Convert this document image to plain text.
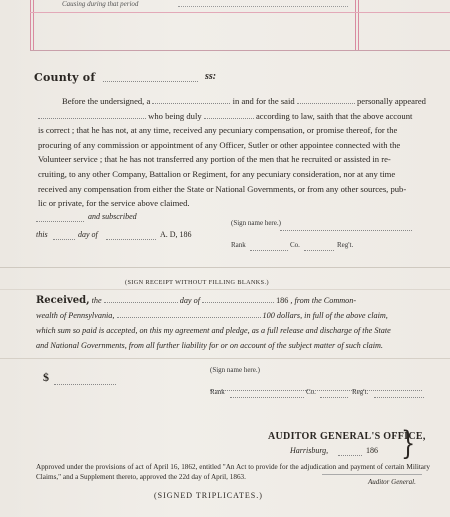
Causing during that period
County of	ss:

Before the undersigned, a	in and for the said	personally appeared

who being duly	according to law, saith that the above account

is correct ; that he has not, at any time, received any pecuniary compensation, or promise thereof, for the

procuring of any commission or appointment of any Officer, Sutler or other appointee connected with the

Volunteer service ; that he has not transferred any portion of the men that he recruited or assisted in re-

cruiting, to any other Company, Battalion or Regiment, for any pecuniary consideration, nor at any time

received any compensation from either the State or National Governments, or from any other sources, pub-

lic or private, for the service above claimed.

and subscribed
this	day of	A. D, 186
(Sign name here.)
Rank	Co.	Reg't.
(SIGN RECEIPT WITHOUT FILLING BLANKS.)

Received, the	day of	186 , from the Common-

wealth of Pennsylvania,	100 dollars, in full of the above claim,

which sum so paid is accepted, on this my agreement and pledge, as a full release and discharge of the State

and National Governments, from all further liability for or on account of the subject matter of such claim.

$	(Sign name here.)
Rank	Co.	Reg't.
AUDITOR GENERAL'S OFFICE,
}
Harrisburg,	186
Approved under the provisions of act of April 16, 1862, entitled "An Act to provide for the adjudication and payment of certain Military Claims," and a Supplement thereto, approved the 22d day of April, 1863.
Auditor General.
(SIGNED TRIPLICATES.)
